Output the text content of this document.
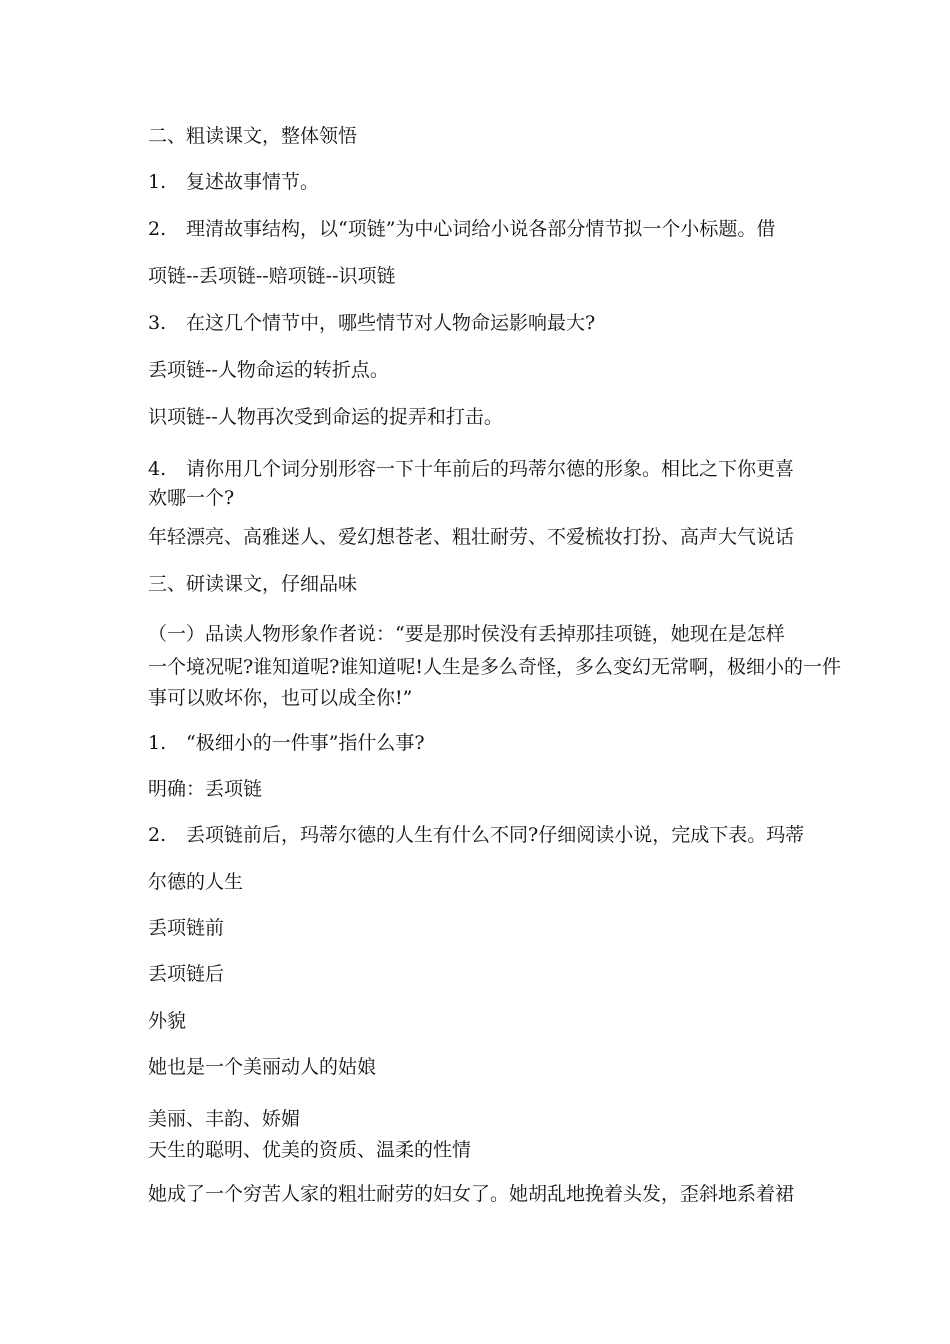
二、粗读课文，整体领悟
1. 复述故事情节。
2. 理清故事结构，以“项链”为中心词给小说各部分情节拟一个小标题。借
项链--丢项链--赔项链--识项链
3. 在这几个情节中，哪些情节对人物命运影响最大?
丢项链--人物命运的转折点。
识项链--人物再次受到命运的捉弄和打击。
4. 请你用几个词分别形容一下十年前后的玛蒂尔德的形象。相比之下你更喜
欢哪一个?
年轻漂亮、高雅迷人、爱幻想苍老、粗壮耐劳、不爱梳妆打扮、高声大气说话
三、研读课文，仔细品味
（一）品读人物形象作者说：“要是那时侯没有丢掉那挂项链，她现在是怎样
一个境况呢?谁知道呢?谁知道呢!人生是多么奇怪，多么变幻无常啊，极细小的一件
事可以败坏你，也可以成全你!”
1. “极细小的一件事”指什么事?
明确：丢项链
2. 丢项链前后，玛蒂尔德的人生有什么不同?仔细阅读小说，完成下表。玛蒂
尔德的人生
丢项链前
丢项链后
外貌
她也是一个美丽动人的姑娘
美丽、丰韵、娇媚
天生的聪明、优美的资质、温柔的性情
她成了一个穷苦人家的粗壮耐劳的妇女了。她胡乱地挽着头发，歪斜地系着裙
